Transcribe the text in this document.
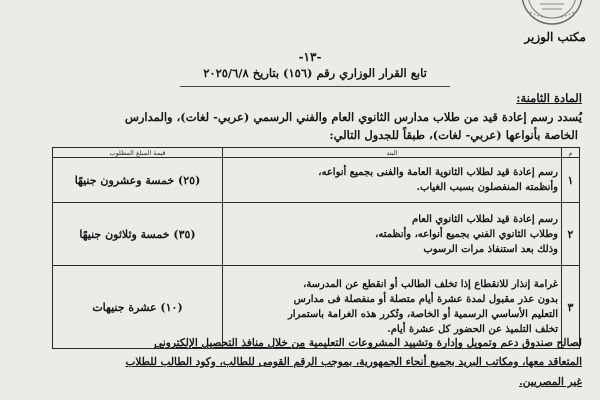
مكتب الوزير
-١٣-
تابع القرار الوزاري رقم (١٥٦) بتاريخ ٢٠٢٥/٦/٨
المادة الثامنة:
يُسدد رسم إعادة قيد من طلاب مدارس الثانوي العام والفني الرسمي (عربي- لغات)، والمدارس
الخاصة بأنواعها (عربي- لغات)، طبقاً للجدول التالي:
م	البند	قيمة المبلغ المطلوب
١	رسم إعادة قيد لطلاب الثانوية العامة والفنى بجميع أنواعه،
وأنظمته المنفصلون بسبب الغياب.	(٢٥) خمسة وعشرون جنيهًا
٢	رسم إعادة قيد لطلاب الثانوي العام
وطلاب الثانوي الفني بجميع أنواعه، وأنظمته،
وذلك بعد استنفاذ مرات الرسوب	(٣٥) خمسة وثلاثون جنيهًا
٣	غرامة إنذار للانقطاع إذا تخلف الطالب أو انقطع عن المدرسة،
بدون عذر مقبول لمدة عشرة أيام متصلة أو منفصلة فى مدارس
التعليم الأساسي الرسمية أو الخاصة، وتُكرر هذه الغرامة باستمرار
تخلف التلميذ عن الحضور كل عشرة أيام.	(١٠) عشرة جنيهات
لصالح صندوق دعم وتمويل وإدارة وتشييد المشروعات التعليمية من خلال منافذ التحصيل الإلكترونى
المتعاقد معها، ومكاتب البريد بجميع أنحاء الجمهورية، بموجب الرقم القومى للطالب، وكود الطالب للطلاب
غير المصريين.
